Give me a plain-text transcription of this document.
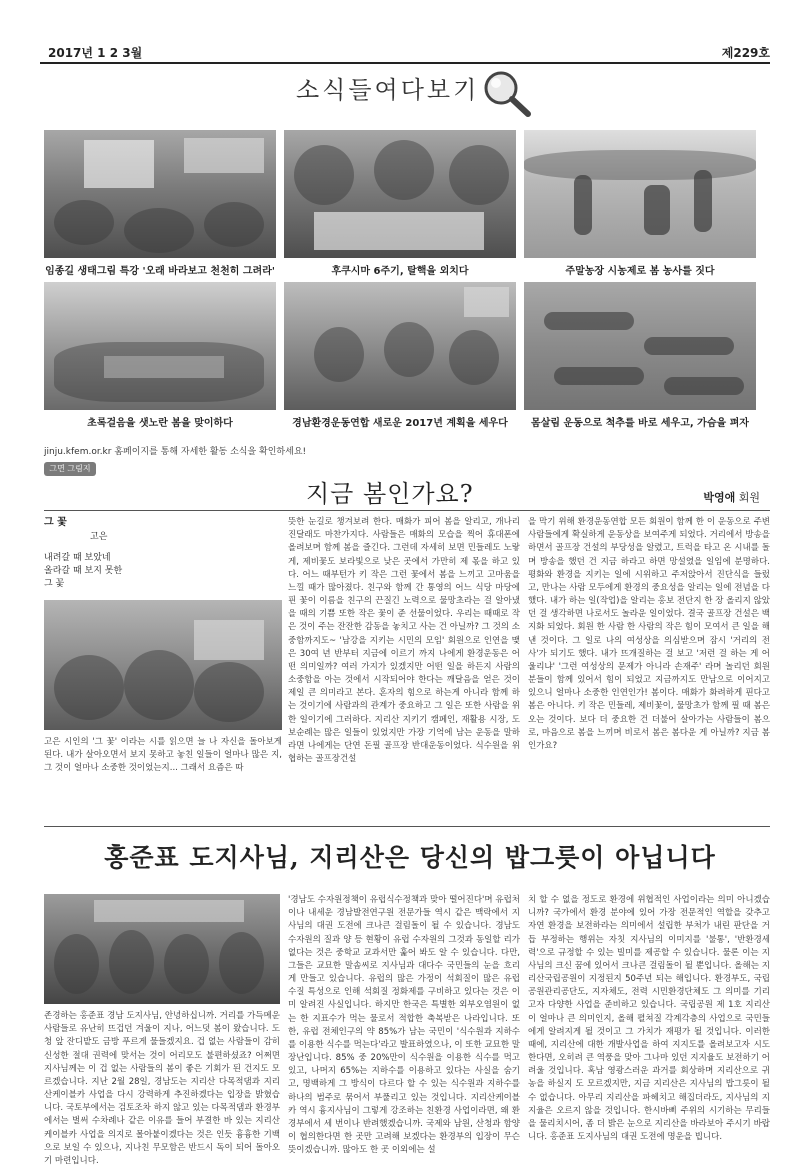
2017년 1 2 3월	제229호
소식들여다보기
임종길 생태그림 특강 '오래 바라보고 천천히 그려라'	후쿠시마 6주기, 탈핵을 외치다	주말농장 시농제로 봄 농사를 짓다
초록걸음을 샛노란 봄을 맞이하다	경남환경운동연합 새로운 2017년 계획을 세우다	몸살림 운동으로 척추를 바로 세우고, 가슴을 펴자
jinju.kfem.or.kr 홈페이지를 통해 자세한 활동 소식을 확인하세요!
그면 그림지
지금 봄인가요?	박영애 회원
그 꽃
고은
내려갈 때 보았네
올라갈 때 보지 못한
그 꽃
고은 시인의 '그 꽃' 이라는 시를 읽으면 늘 나 자신을 돌아보게 된다. 내가 살아오면서 보지 못하고 놓친 일들이 얼마나 많은 지, 그 것이 얼마나 소중한 것이었는지... 그래서 요즘은 따
뜻한 눈길로 챙겨보려 한다. 매화가 피어 봄을 알리고, 개나리 진달래도 마찬가지다. 사람들은 매화의 모습을 찍어 휴대폰에 올려보며 함께 봄을 즐긴다. 그런데 자세히 보면 민들레도 노랗게, 제비꽃도 보라빛으로 낮은 곳에서 가만히 제 몫을 하고 있다. 어느 때부턴가 키 작은 그런 꽃에서 봄을 느끼고 고마움을 느낄 때가 많아졌다. 친구와 함께 간 통영의 어느 식당 마당에 핀 꽃이 이름을 친구의 끈질긴 노력으로 물망초라는 걸 알아냈을 때의 기쁨 또한 작은 꽃이 준 선물이었다. 우리는 때때로 작은 것이 주는 잔잔한 감동을 놓치고 사는 건 아닐까? 그 것의 소중함까지도~ '남강을 지키는 시민의 모임' 회원으로 인연을 맺은 30여 년 반부터 지금에 이르기 까지 나에게 환경운동은 어떤 의미일까? 여러 가지가 있겠지만 어떤 일을 하든지 사람의 소중함을 아는 것에서 시작되어야 한다는 깨달음을 얻은 것이 제일 큰 의미라고 본다. 혼자의 힘으로 하는게 아니라 함께 하는 것이기에 사람과의 관계가 중요하고 그 일은 또한 사람을 위한 일이기에 그러하다. 지리산 지키기 캠페인, 재활용 시장, 도보순례는 많은 일들이 있었지만 가장 기억에 남는 운동을 말하라면 나에게는 단연 돈필 골프장 반대운동이었다. 식수원을 위협하는 골프장건설
을 막기 위해 환경운동연합 모든 회원이 함께 한 이 운동으로 주변사람들에게 확실하게 운동상을 보여주게 되었다. 거리에서 방송을 하면서 골프장 건설의 부당성을 알렸고, 트럭을 타고 온 시내를 돌며 방송을 했던 건 지금 하라고 하면 망설였을 일임에 분명하다. 평화와 환경을 지키는 일에 시위하고 주저앉아서 진단식을 들렀고, 만나는 사람 모두에게 환경의 중요성을 알리는 일에 전념을 다했다. 내가 하는 일(작업)을 알리는 홍보 전단지 한 장 올리지 않았던 걸 생각하면 나로서도 놀라운 일이었다. 결국 골프장 건설은 백지화 되었다. 회원 한 사람 한 사람의 작은 힘이 모여서 큰 일을 해낸 것이다. 그 일로 나의 여성상을 의심받으며 잠시 '거리의 전사'가 되기도 했다. 내가 뜨개질하는 걸 보고 '저런 걸 하는 게 어울리냐' '그런 여성상의 문제가 아니라 손재주' 라며 놀리던 회원분들이 함께 있어서 힘이 되었고 지금까지도 만남으로 이어지고 있으니 얼마나 소중한 인연인가! 봄이다. 매화가 화려하게 핀다고 봄은 아니다. 키 작은 민들레, 제비꽃이, 물망초가 함께 필 때 봄은 오는 것이다. 보다 더 중요한 건 더불어 살아가는 사람들이 봄으로, 마음으로 봄을 느끼며 비로서 봄은 봄다운 게 아닐까? 지금 봄인가요?
홍준표 도지사님, 지리산은 당신의 밥그릇이 아닙니다
존경하는 홍준표 경남 도지사님, 안녕하십니까. 거리를 가득메운 사람들로 유난히 뜨겁던 겨울이 지나, 어느덧 봄이 왔습니다. 도청 앞 잔디밭도 금방 푸르게 물들겠지요. 겁 없는 사람들이 감히 신성한 절대 권력에 맞서는 것이 어리모도 불편하셨죠? 어쩌면 지사님께는 이 겁 없는 사람들의 봄이 좋은 기회가 된 건지도 모르겠습니다. 지난 2월 28일, 경남도는 지리산 다목적댐과 지리산케이블카 사업을 다시 강력하게 추진하겠다는 입장을 밝혔습니다. 국토부에서는 검토조차 하지 않고 있는 다목적댐과 환경부에서는 벌써 수차례나 같은 이유를 들어 부결한 바 있는 지리산케이블카 사업을 의지로 몰아붙이겠다는 것은 인듯 흉흉한 기백으로 보일 수 있으나, 지나친 무모함은 반드시 독이 되어 돌아오기 마련입니다.
'경남도 수자원정책이 유럽식수정책과 맞아 떨어진다'며 유럽처이나 내세운 경남발전연구원 전문가들 역시 같은 맥락에서 지사님의 대권 도전에 크나큰 걸림돌이 될 수 있습니다. 경남도 수자원의 질과 양 등 현황이 유럽 수자원의 그것과 동일할 리가 없다는 것은 중학교 교과서만 훑어 봐도 알 수 있습니다. 다만, 그들은 교묘한 말솜씨로 지사님과 대다수 국민들의 눈을 흐리게 만들고 있습니다. 유럽의 많은 가정이 석회질이 많은 유럽 수질 특성으로 인해 석회질 정화제를 구비하고 있다는 것은 이미 알려진 사실입니다. 하지만 한국은 특별한 외부오염원이 없는 한 지표수가 먹는 물로서 적합한 축복받은 나라입니다. 또한, 유럽 전체인구의 약 85%가 남는 국민이 '식수원과 지하수를 이용한 식수를 먹는다'라고 발표하였으나, 이 또한 교묘한 말장난입니다. 85% 중 20%만이 식수원을 이용한 식수를 먹고 있고, 나머지 65%는 지하수를 이용하고 있다는 사실을 숨기고, 명백하게 그 방식이 다르다 할 수 있는 식수원과 지하수를 하나의 범주로 묶어서 부풀리고 있는 것입니다. 지리산케이블카 역시 흉지사님이 그렇게 강조하는 친환경 사업이라면, 왜 환경부에서 세 번이나 반려했겠습니까. 국제와 남원, 산청과 함양이 협의한다면 한 곳만 고려해 보겠다는 환경부의 입장이 무슨 뜻이겠습니까. 많아도 한 곳 이외에는 설
치 할 수 없을 정도로 환경에 위협적인 사업이라는 의미 아니겠습니까? 국가에서 환경 분야에 있어 가장 전문적인 역할을 갖추고 자연 환경을 보전하라는 의미에서 설립한 부처가 내린 판단을 거듭 부정하는 행위는 자칫 지사님의 이미지를 '불통', '반환경세력'으로 규정할 수 있는 빌미를 제공할 수 있습니다. 물론 이는 지사님의 크신 꿈에 있어서 크나큰 걸림돌이 될 뿐입니다. 올해는 지리산국립공원이 지정된지 50주년 되는 해입니다. 환경부도, 국립공원관리공단도, 지자체도, 전력 시민환경단체도 그 의미를 기리고자 다양한 사업을 준비하고 있습니다. 국립공원 제 1호 지리산이 얼마나 큰 의미인지, 올해 펼쳐질 각계각층의 사업으로 국민들에게 알려지게 될 것이고 그 가치가 재평가 될 것입니다. 이러한 때에, 지리산에 대한 개발사업을 하여 지지도를 올려보고자 시도한다면, 오히려 큰 역풍을 맞아 그나마 있던 지지율도 보전하기 어려울 것입니다. 혹남 영광스러운 과거를 회상하며 지리산으로 귀농을 하실지 도 모르겠지만, 지금 지리산은 지사님의 밥그릇이 될 수 없습니다. 아무리 지리산을 파헤치고 해집더라도, 지사님의 지지율은 오르지 않을 것입니다. 한시바삐 주위의 시기하는 무리들을 물리치시어, 좀 더 밝은 눈으로 지리산을 바라보아 주시기 바랍니다. 홍준표 도지사님의 대권 도전에 명운을 빕니다.
